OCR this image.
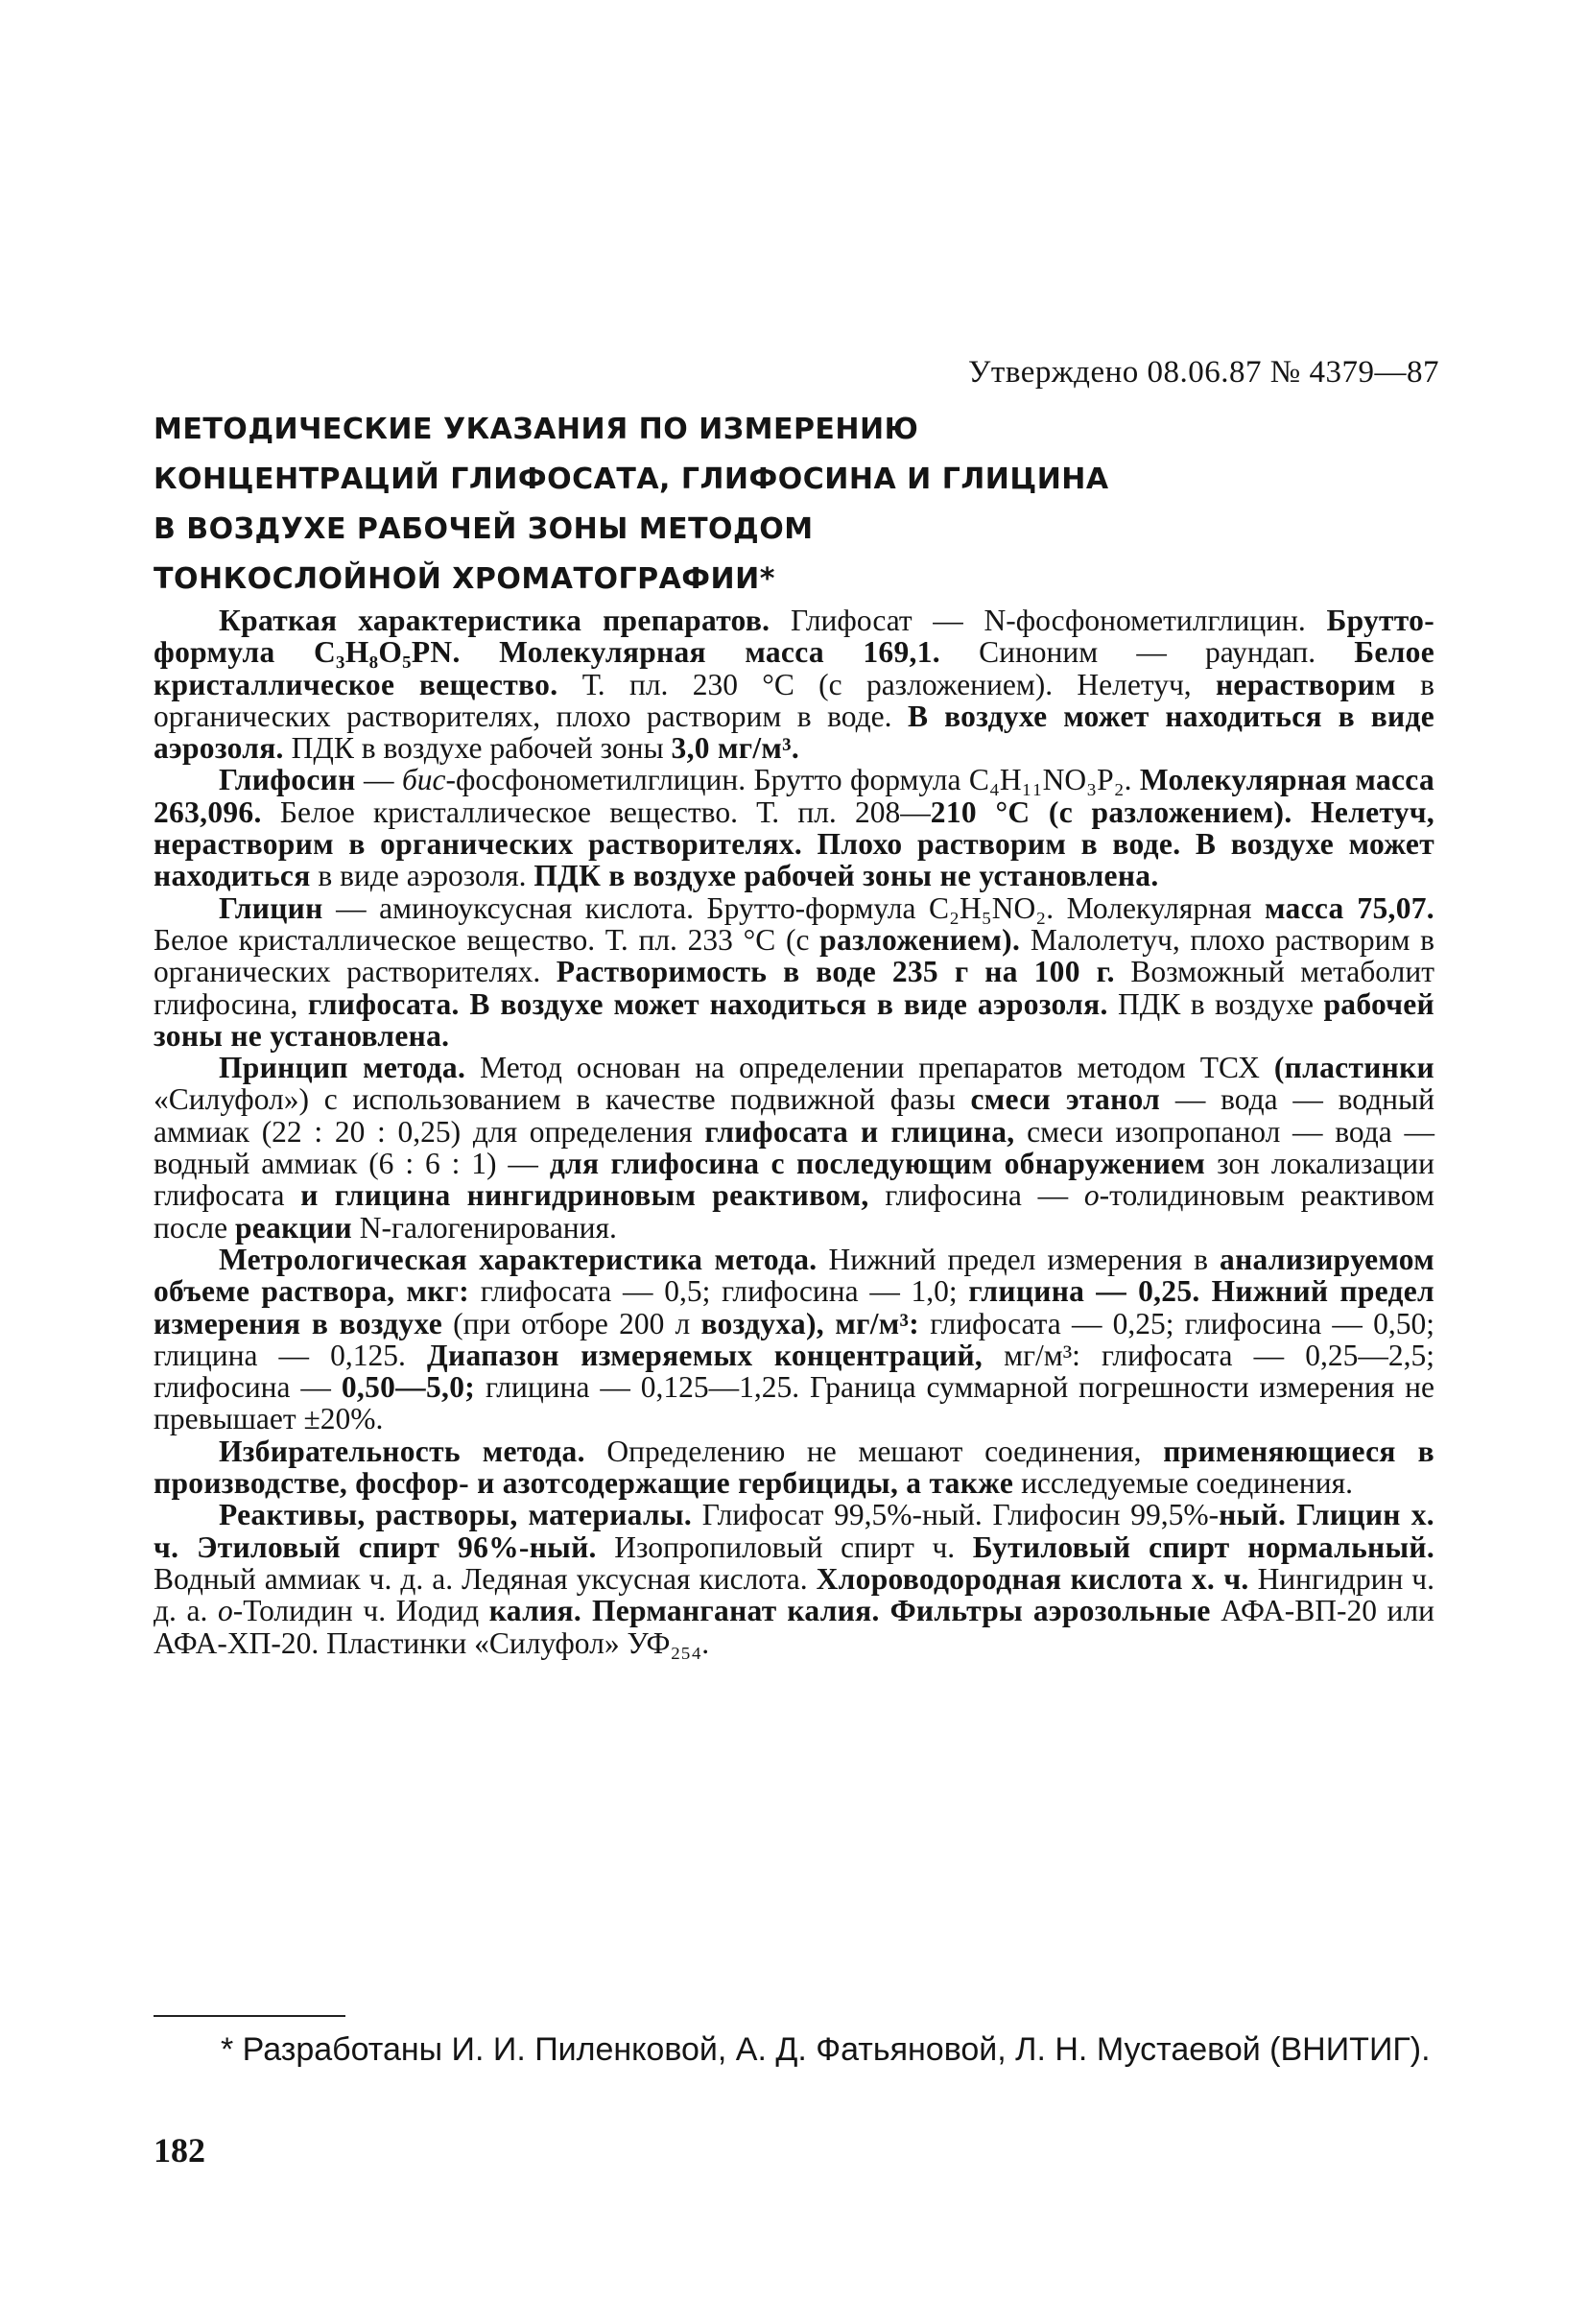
Утверждено 08.06.87 № 4379—87
МЕТОДИЧЕСКИЕ УКАЗАНИЯ ПО ИЗМЕРЕНИЮ
КОНЦЕНТРАЦИЙ ГЛИФОСАТА, ГЛИФОСИНА И ГЛИЦИНА
В ВОЗДУХЕ РАБОЧЕЙ ЗОНЫ МЕТОДОМ
ТОНКОСЛОЙНОЙ ХРОМАТОГРАФИИ*

Краткая характеристика препаратов. Глифосат — N-фосфонометилглицин. Брутто-формула C₃H₈O₅PN. Молекулярная масса 169,1. Синоним — раундап. Белое кристаллическое вещество. Т. пл. 230 °С (с разложением). Нелетуч, нерастворим в органических растворителях, плохо растворим в воде. В воздухе может находиться в виде аэрозоля. ПДК в воздухе рабочей зоны 3,0 мг/м³.

Глифосин — бис-фосфонометилглицин. Брутто формула C₄H₁₁NO₃P₂. Молекулярная масса 263,096. Белое кристаллическое вещество. Т. пл. 208—210 °С (с разложением). Нелетуч, нерастворим в органических растворителях. Плохо растворим в воде. В воздухе может находиться в виде аэрозоля. ПДК в воздухе рабочей зоны не установлена.

Глицин — аминоуксусная кислота. Брутто-формула C₂H₅NO₂. Молекулярная масса 75,07. Белое кристаллическое вещество. Т. пл. 233 °С (с разложением). Малолетуч, плохо растворим в органических растворителях. Растворимость в воде 235 г на 100 г. Возможный метаболит глифосина, глифосата. В воздухе может находиться в виде аэрозоля. ПДК в воздухе рабочей зоны не установлена.

Принцип метода. Метод основан на определении препаратов методом ТСХ (пластинки «Силуфол») с использованием в качестве подвижной фазы смеси этанол — вода — водный аммиак (22 : 20 : 0,25) для определения глифосата и глицина, смеси изопропанол — вода — водный аммиак (6 : 6 : 1) — для глифосина с последующим обнаружением зон локализации глифосата и глицина нингидриновым реактивом, глифосина — о-толидиновым реактивом после реакции N-галогенирования.

Метрологическая характеристика метода. Нижний предел измерения в анализируемом объеме раствора, мкг: глифосата — 0,5; глифосина — 1,0; глицина — 0,25. Нижний предел измерения в воздухе (при отборе 200 л воздуха), мг/м³: глифосата — 0,25; глифосина — 0,50; глицина — 0,125. Диапазон измеряемых концентраций, мг/м³: глифосата — 0,25—2,5; глифосина — 0,50—5,0; глицина — 0,125—1,25. Граница суммарной погрешности измерения не превышает ±20%.

Избирательность метода. Определению не мешают соединения, применяющиеся в производстве, фосфор- и азотсодержащие гербициды, а также исследуемые соединения.

Реактивы, растворы, материалы. Глифосат 99,5%-ный. Глифосин 99,5%-ный. Глицин х. ч. Этиловый спирт 96%-ный. Изопропиловый спирт ч. Бутиловый спирт нормальный. Водный аммиак ч. д. а. Ледяная уксусная кислота. Хлороводородная кислота х. ч. Нингидрин ч. д. а. о-Толидин ч. Иодид калия. Перманганат калия. Фильтры аэрозольные АФА-ВП-20 или АФА-ХП-20. Пластинки «Силуфол» УФ₂₅₄.

* Разработаны И. И. Пиленковой, А. Д. Фатьяновой, Л. Н. Мустаевой (ВНИТИГ).
182
